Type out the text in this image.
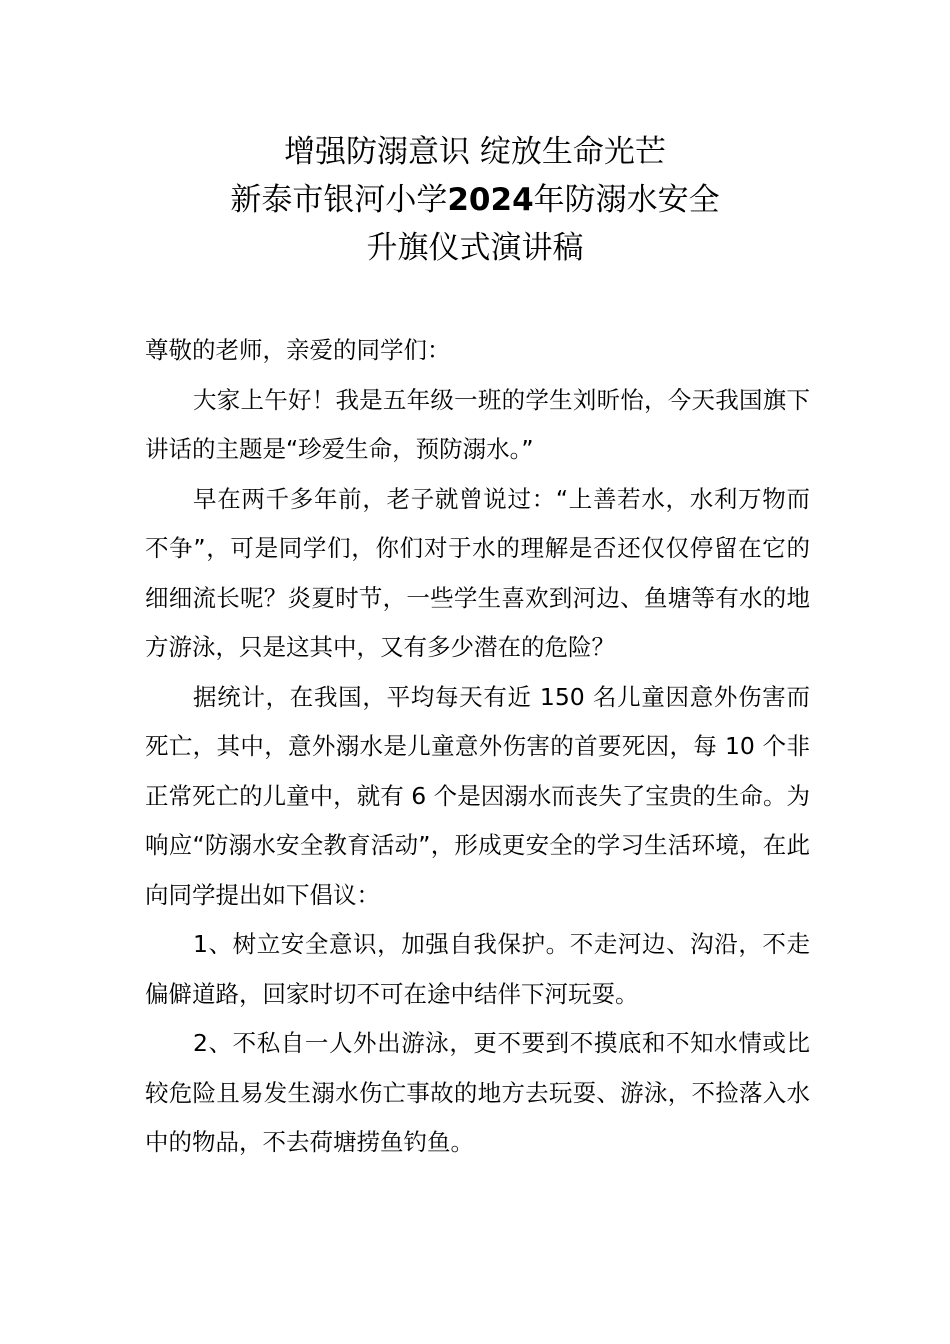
增强防溺意识 绽放生命光芒
新泰市银河小学2024年防溺水安全
升旗仪式演讲稿

尊敬的老师，亲爱的同学们：

大家上午好！我是五年级一班的学生刘昕怡，今天我国旗下讲话的主题是“珍爱生命，预防溺水。”

早在两千多年前，老子就曾说过：“上善若水，水利万物而不争”，可是同学们，你们对于水的理解是否还仅仅停留在它的细细流长呢？炎夏时节，一些学生喜欢到河边、鱼塘等有水的地方游泳，只是这其中，又有多少潜在的危险？

据统计，在我国，平均每天有近 150 名儿童因意外伤害而死亡，其中，意外溺水是儿童意外伤害的首要死因，每 10 个非正常死亡的儿童中，就有 6 个是因溺水而丧失了宝贵的生命。为响应“防溺水安全教育活动”，形成更安全的学习生活环境，在此向同学提出如下倡议：

1、树立安全意识，加强自我保护。不走河边、沟沿，不走偏僻道路，回家时切不可在途中结伴下河玩耍。

2、不私自一人外出游泳，更不要到不摸底和不知水情或比较危险且易发生溺水伤亡事故的地方去玩耍、游泳，不捡落入水中的物品，不去荷塘捞鱼钓鱼。
